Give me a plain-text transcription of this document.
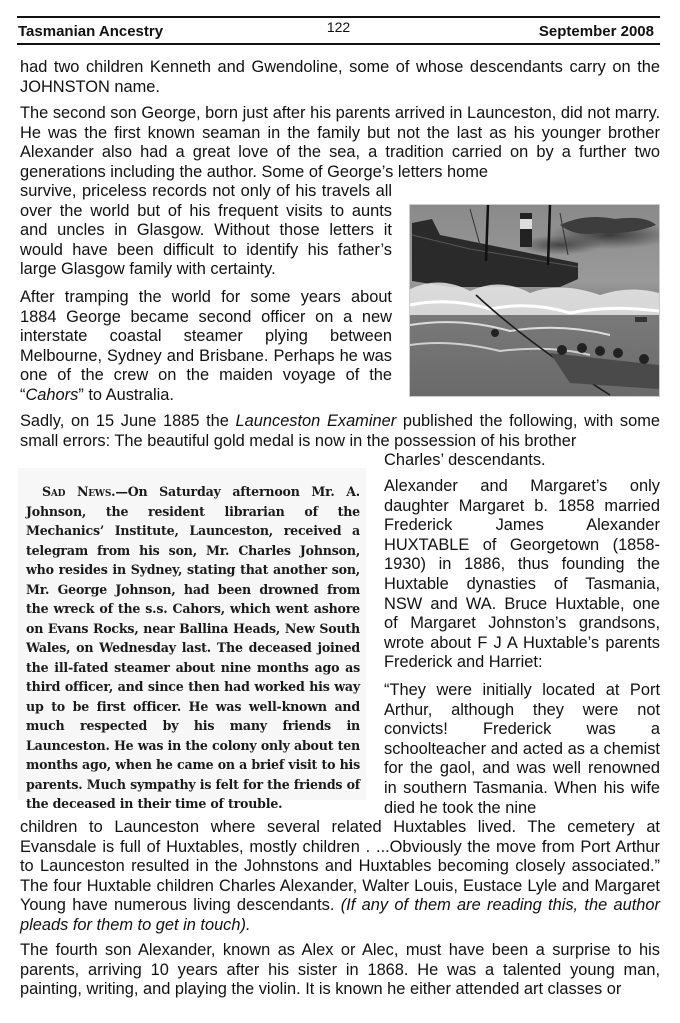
Tasmanian Ancestry	122	September 2008

had two children Kenneth and Gwendoline, some of whose descendants carry on the JOHNSTON name.

The second son George, born just after his parents arrived in Launceston, did not marry. He was the first known seaman in the family but not the last as his younger brother Alexander also had a great love of the sea, a tradition carried on by a further two generations including the author. Some of George’s letters home

survive, priceless records not only of his travels all over the world but of his frequent visits to aunts and uncles in Glasgow. Without those letters it would have been difficult to identify his father’s large Glasgow family with certainty.

After tramping the world for some years about 1884 George became second officer on a new interstate coastal steamer plying between Melbourne, Sydney and Brisbane. Perhaps he was one of the crew on the maiden voyage of the “Cahors” to Australia.

Sadly, on 15 June 1885 the Launceston Examiner published the following, with some small errors: The beautiful gold medal is now in the possession of his brother

Charles’ descendants.

Sad News.—On Saturday afternoon Mr. A. Johnson, the resident librarian of the Mechanics’ Institute, Launceston, received a telegram from his son, Mr. Charles Johnson, who resides in Sydney, stating that another son, Mr. George Johnson, had been drowned from the wreck of the s.s. Cahors, which went ashore on Evans Rocks, near Ballina Heads, New South Wales, on Wednesday last. The deceased joined the ill-fated steamer about nine months ago as third officer, and since then had worked his way up to be first officer. He was well-known and much respected by his many friends in Launceston. He was in the colony only about ten months ago, when he came on a brief visit to his parents. Much sympathy is felt for the friends of the deceased in their time of trouble.

Alexander and Margaret’s only daughter Margaret b. 1858 married Frederick James Alexander HUXTABLE of Georgetown (1858-1930) in 1886, thus founding the Huxtable dynasties of Tasmania, NSW and WA. Bruce Huxtable, one of Margaret Johnston’s grandsons, wrote about F J A Huxtable’s parents Frederick and Harriet:

“They were initially located at Port Arthur, although they were not convicts! Frederick was a schoolteacher and acted as a chemist for the gaol, and was well renowned in southern Tasmania. When his wife died he took the nine

children to Launceston where several related Huxtables lived. The cemetery at Evansdale is full of Huxtables, mostly children . ...Obviously the move from Port Arthur to Launceston resulted in the Johnstons and Huxtables becoming closely associated.” The four Huxtable children Charles Alexander, Walter Louis, Eustace Lyle and Margaret Young have numerous living descendants. (If any of them are reading this, the author pleads for them to get in touch).

The fourth son Alexander, known as Alex or Alec, must have been a surprise to his parents, arriving 10 years after his sister in 1868. He was a talented young man, painting, writing, and playing the violin. It is known he either attended art classes or
